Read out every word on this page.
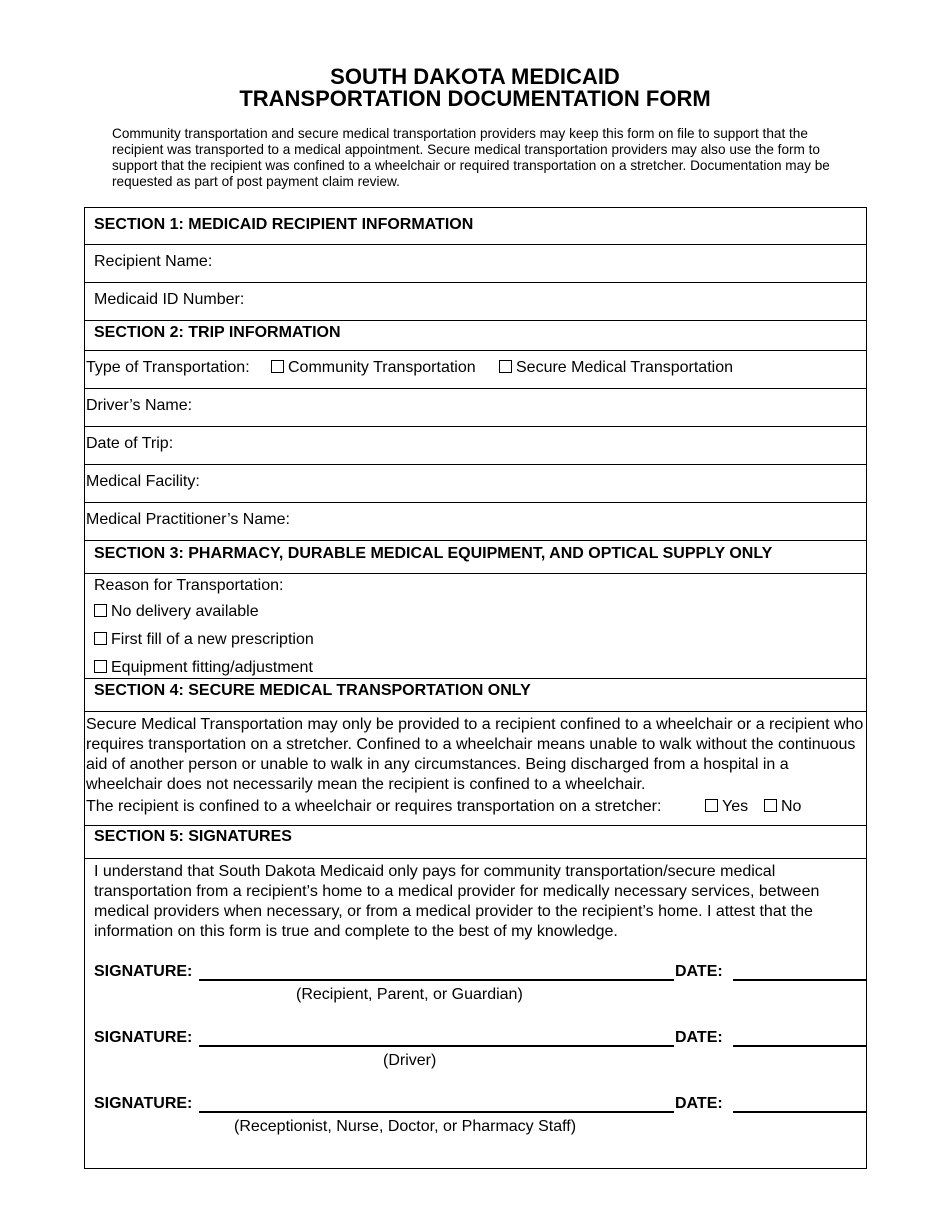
SOUTH DAKOTA MEDICAID
TRANSPORTATION DOCUMENTATION FORM
Community transportation and secure medical transportation providers may keep this form on file to support that the recipient was transported to a medical appointment. Secure medical transportation providers may also use the form to support that the recipient was confined to a wheelchair or required transportation on a stretcher. Documentation may be requested as part of post payment claim review.
SECTION 1: MEDICAID RECIPIENT INFORMATION
Recipient Name:
Medicaid ID Number:
SECTION 2: TRIP INFORMATION
Type of Transportation:	Community Transportation	Secure Medical Transportation
Driver’s Name:
Date of Trip:
Medical Facility:
Medical Practitioner’s Name:
SECTION 3: PHARMACY, DURABLE MEDICAL EQUIPMENT, AND OPTICAL SUPPLY ONLY
Reason for Transportation:
No delivery available
First fill of a new prescription
Equipment fitting/adjustment
SECTION 4: SECURE MEDICAL TRANSPORTATION ONLY
Secure Medical Transportation may only be provided to a recipient confined to a wheelchair or a recipient who requires transportation on a stretcher. Confined to a wheelchair means unable to walk without the continuous aid of another person or unable to walk in any circumstances. Being discharged from a hospital in a wheelchair does not necessarily mean the recipient is confined to a wheelchair.
The recipient is confined to a wheelchair or requires transportation on a stretcher:	Yes	No
SECTION 5: SIGNATURES
I understand that South Dakota Medicaid only pays for community transportation/secure medical transportation from a recipient’s home to a medical provider for medically necessary services, between medical providers when necessary, or from a medical provider to the recipient’s home. I attest that the information on this form is true and complete to the best of my knowledge.
SIGNATURE:	DATE:
(Recipient, Parent, or Guardian)
SIGNATURE:	DATE:
(Driver)
SIGNATURE:	DATE:
(Receptionist, Nurse, Doctor, or Pharmacy Staff)
